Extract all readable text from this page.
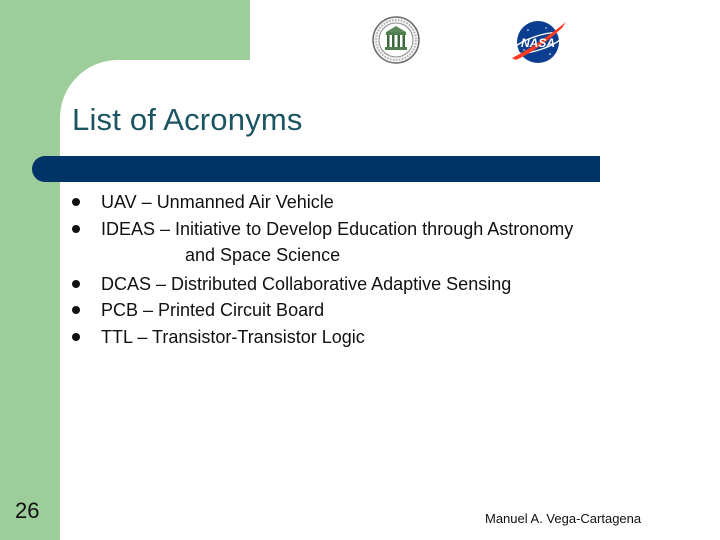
NASA
List of Acronyms
UAV – Unmanned Air Vehicle
IDEAS – Initiative to Develop Education through Astronomy
and Space Science
DCAS – Distributed Collaborative Adaptive Sensing
PCB – Printed Circuit Board
TTL – Transistor-Transistor Logic
26	Manuel A. Vega-Cartagena
